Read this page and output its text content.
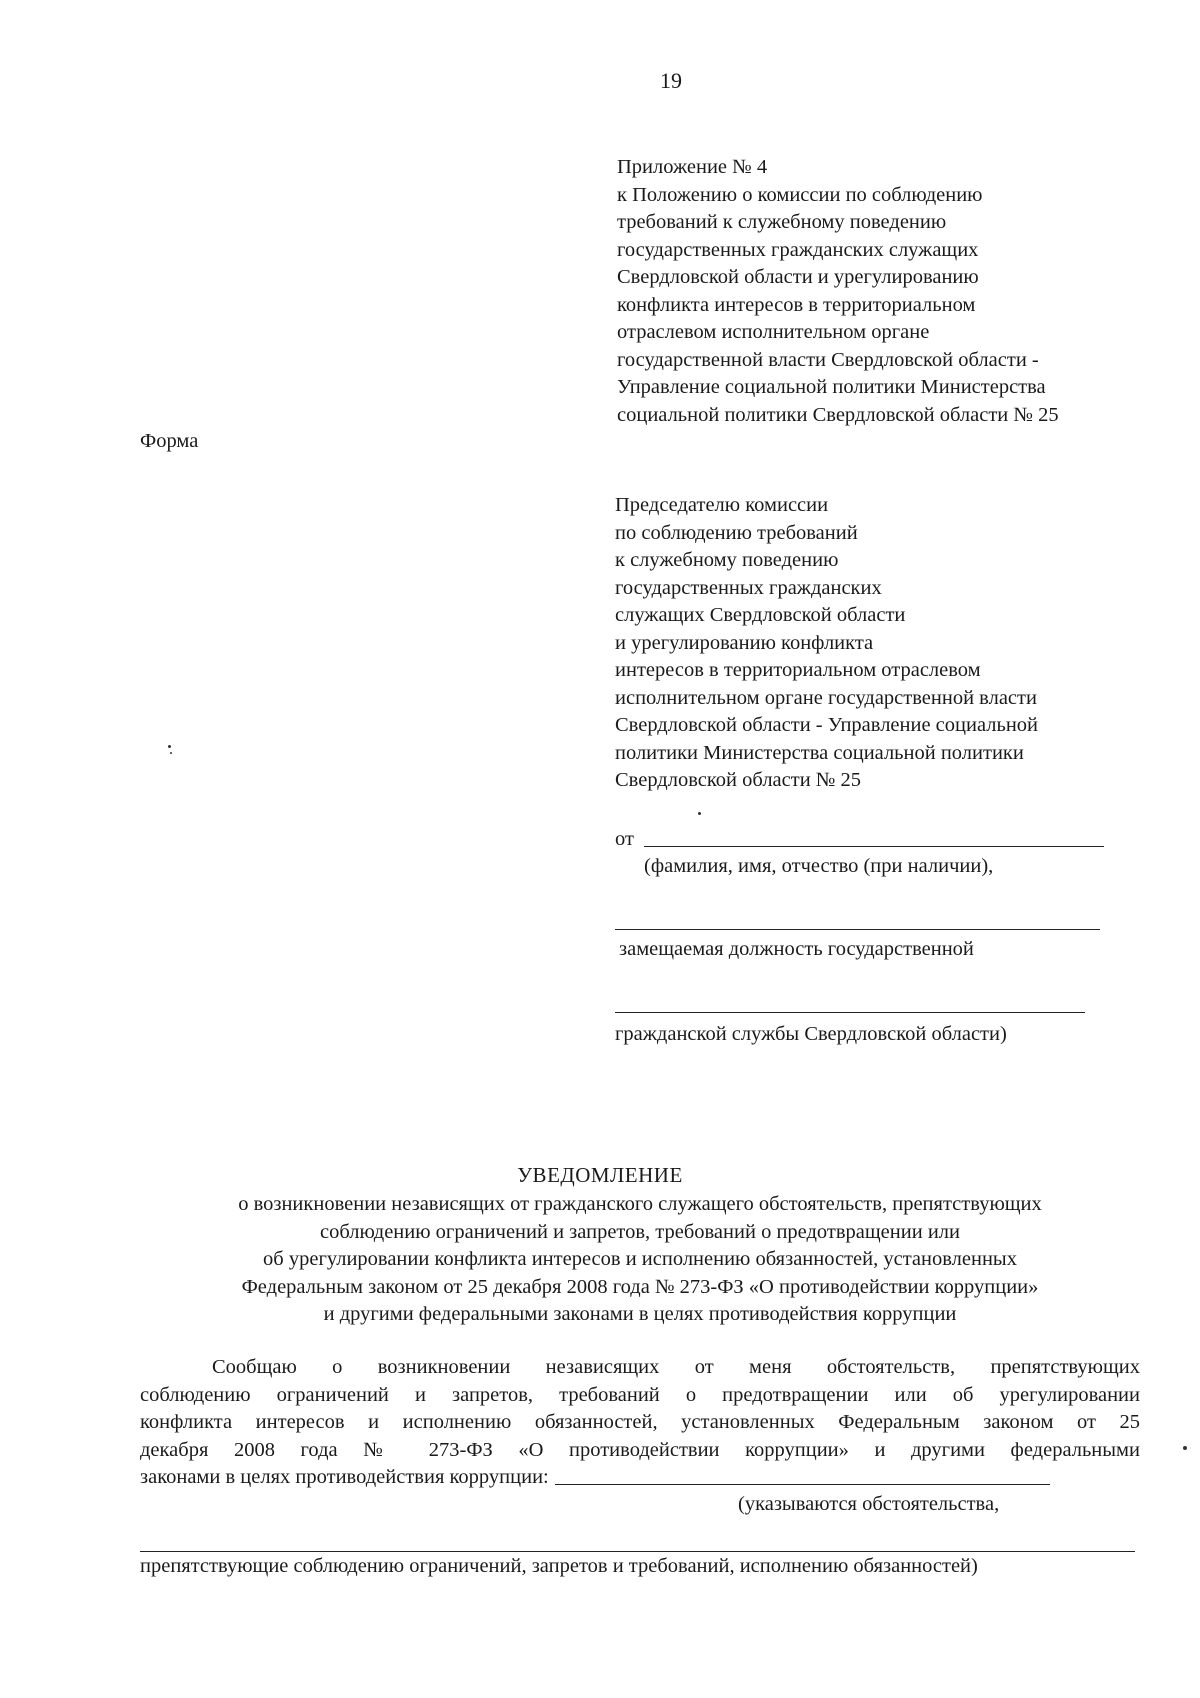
19
Приложение № 4
к Положению о комиссии по соблюдению
требований к служебному поведению
государственных гражданских служащих
Свердловской области и урегулированию
конфликта интересов в территориальном
отраслевом исполнительном органе
государственной власти Свердловской области -
Управление социальной политики Министерства
социальной политики Свердловской области № 25
Форма
Председателю комиссии
по соблюдению требований
к служебному поведению
государственных гражданских
служащих Свердловской области
и урегулированию конфликта
интересов в территориальном отраслевом
исполнительном органе государственной власти
Свердловской области - Управление социальной
политики Министерства социальной политики
Свердловской области № 25
от
(фамилия, имя, отчество (при наличии),
замещаемая должность государственной
гражданской службы Свердловской области)
УВЕДОМЛЕНИЕ
о возникновении независящих от гражданского служащего обстоятельств, препятствующих
соблюдению ограничений и запретов, требований о предотвращении или
об урегулировании конфликта интересов и исполнению обязанностей, установленных
Федеральным законом от 25 декабря 2008 года № 273-ФЗ «О противодействии коррупции»
и другими федеральными законами в целях противодействия коррупции
Сообщаю о возникновении независящих от меня обстоятельств, препятствующих
соблюдению ограничений и запретов, требований о предотвращении или об урегулировании
конфликта интересов и исполнению обязанностей, установленных Федеральным законом от 25
декабря 2008 года № 273-ФЗ «О противодействии коррупции» и другими федеральными
законами в целях противодействия коррупции:
(указываются обстоятельства,
препятствующие соблюдению ограничений, запретов и требований, исполнению обязанностей)
